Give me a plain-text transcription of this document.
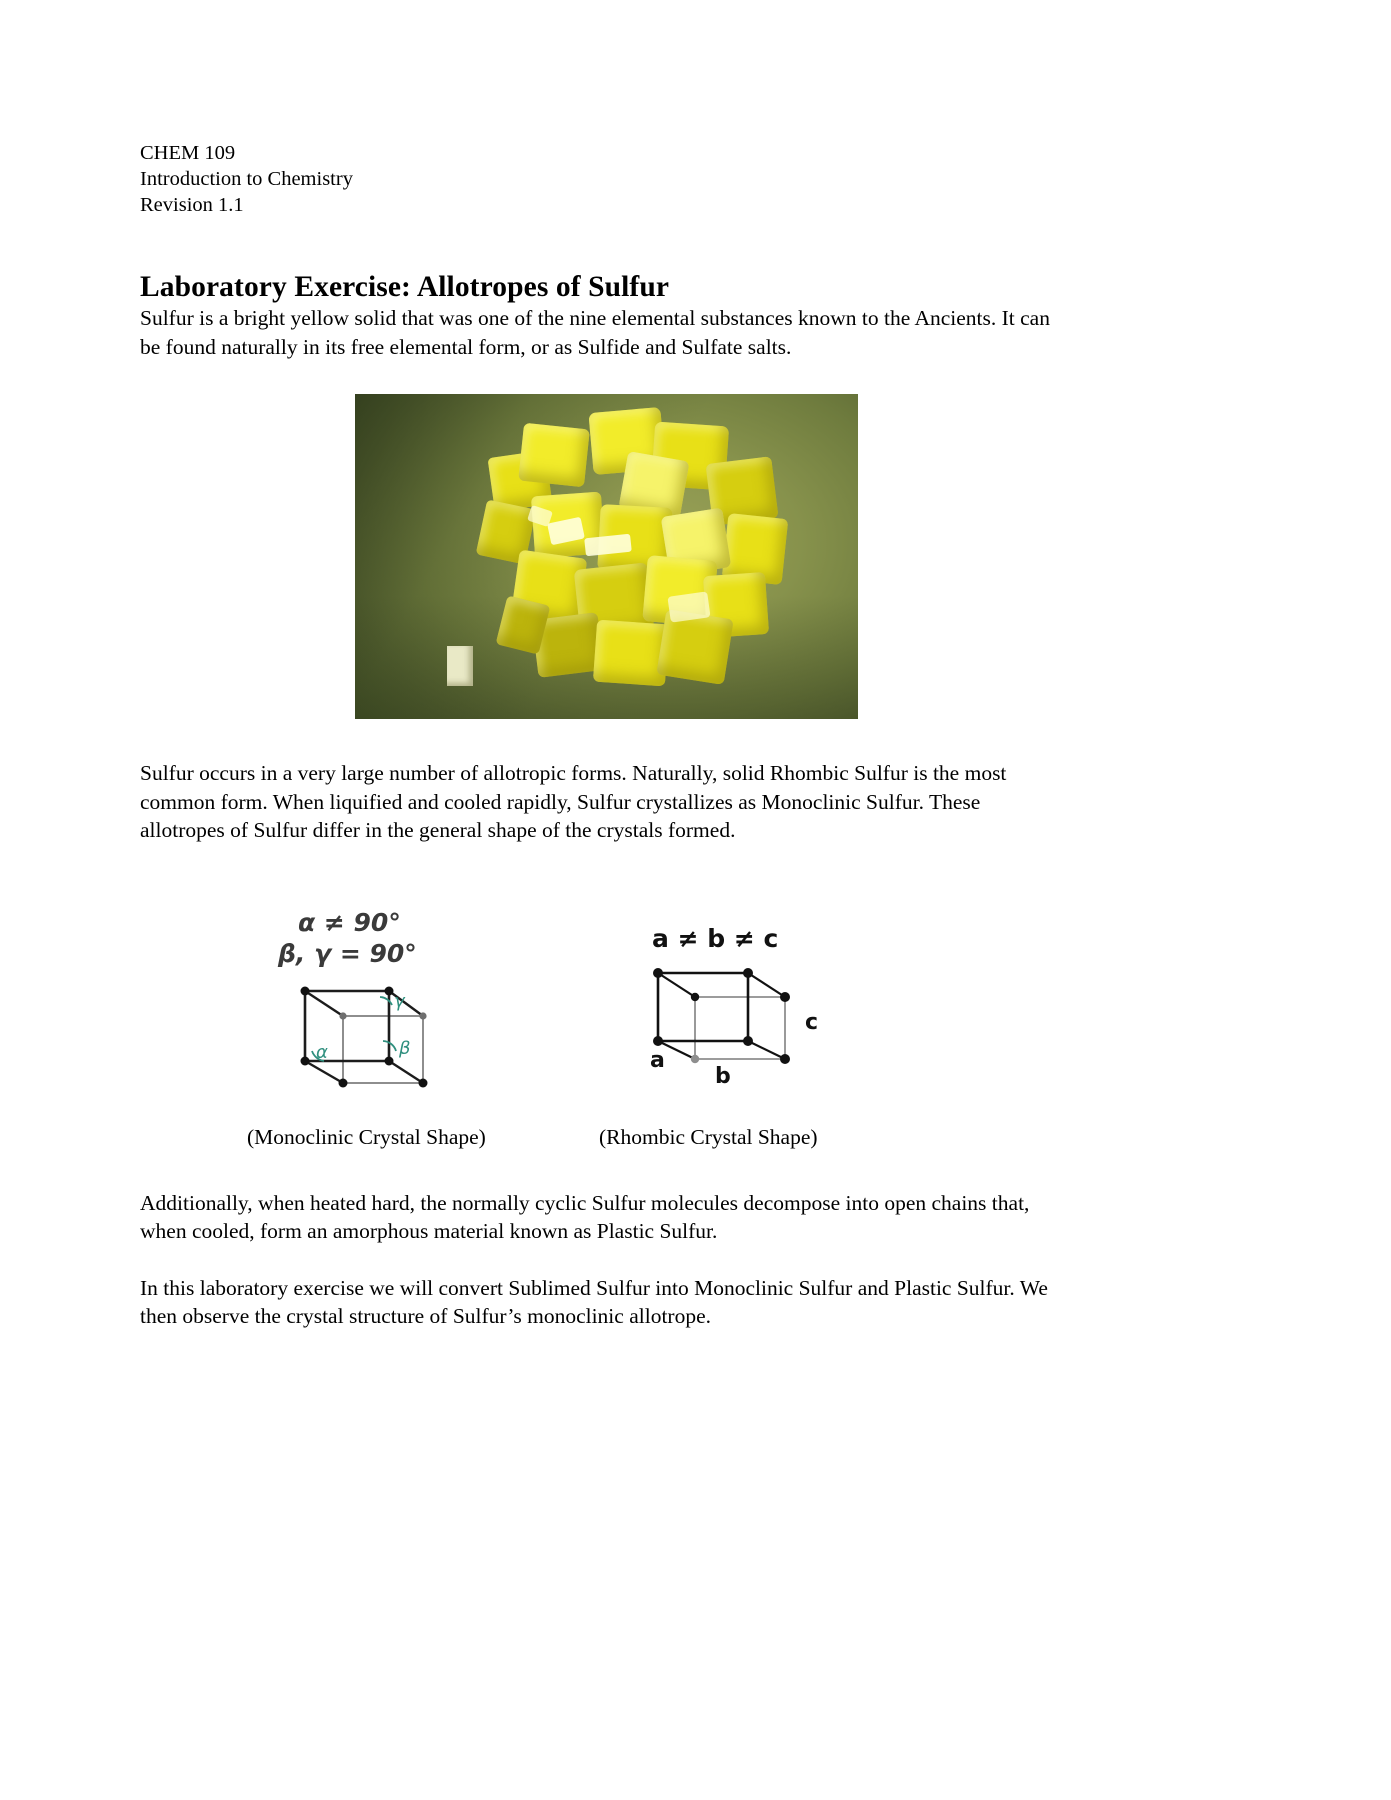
CHEM 109
Introduction to Chemistry
Revision 1.1
Laboratory Exercise: Allotropes of Sulfur

Sulfur is a bright yellow solid that was one of the nine elemental substances known to the Ancients. It can be found naturally in its free elemental form, or as Sulfide and Sulfate salts.

Sulfur occurs in a very large number of allotropic forms. Naturally, solid Rhombic Sulfur is the most common form. When liquified and cooled rapidly, Sulfur crystallizes as Monoclinic Sulfur. These allotropes of Sulfur differ in the general shape of the crystals formed.

α ≠ 90°
β, γ = 90°
γ
β
α
a ≠ b ≠ c
a
b
c
(Monoclinic Crystal Shape)	(Rhombic Crystal Shape)

Additionally, when heated hard, the normally cyclic Sulfur molecules decompose into open chains that, when cooled, form an amorphous material known as Plastic Sulfur.

In this laboratory exercise we will convert Sublimed Sulfur into Monoclinic Sulfur and Plastic Sulfur. We then observe the crystal structure of Sulfur’s monoclinic allotrope.
